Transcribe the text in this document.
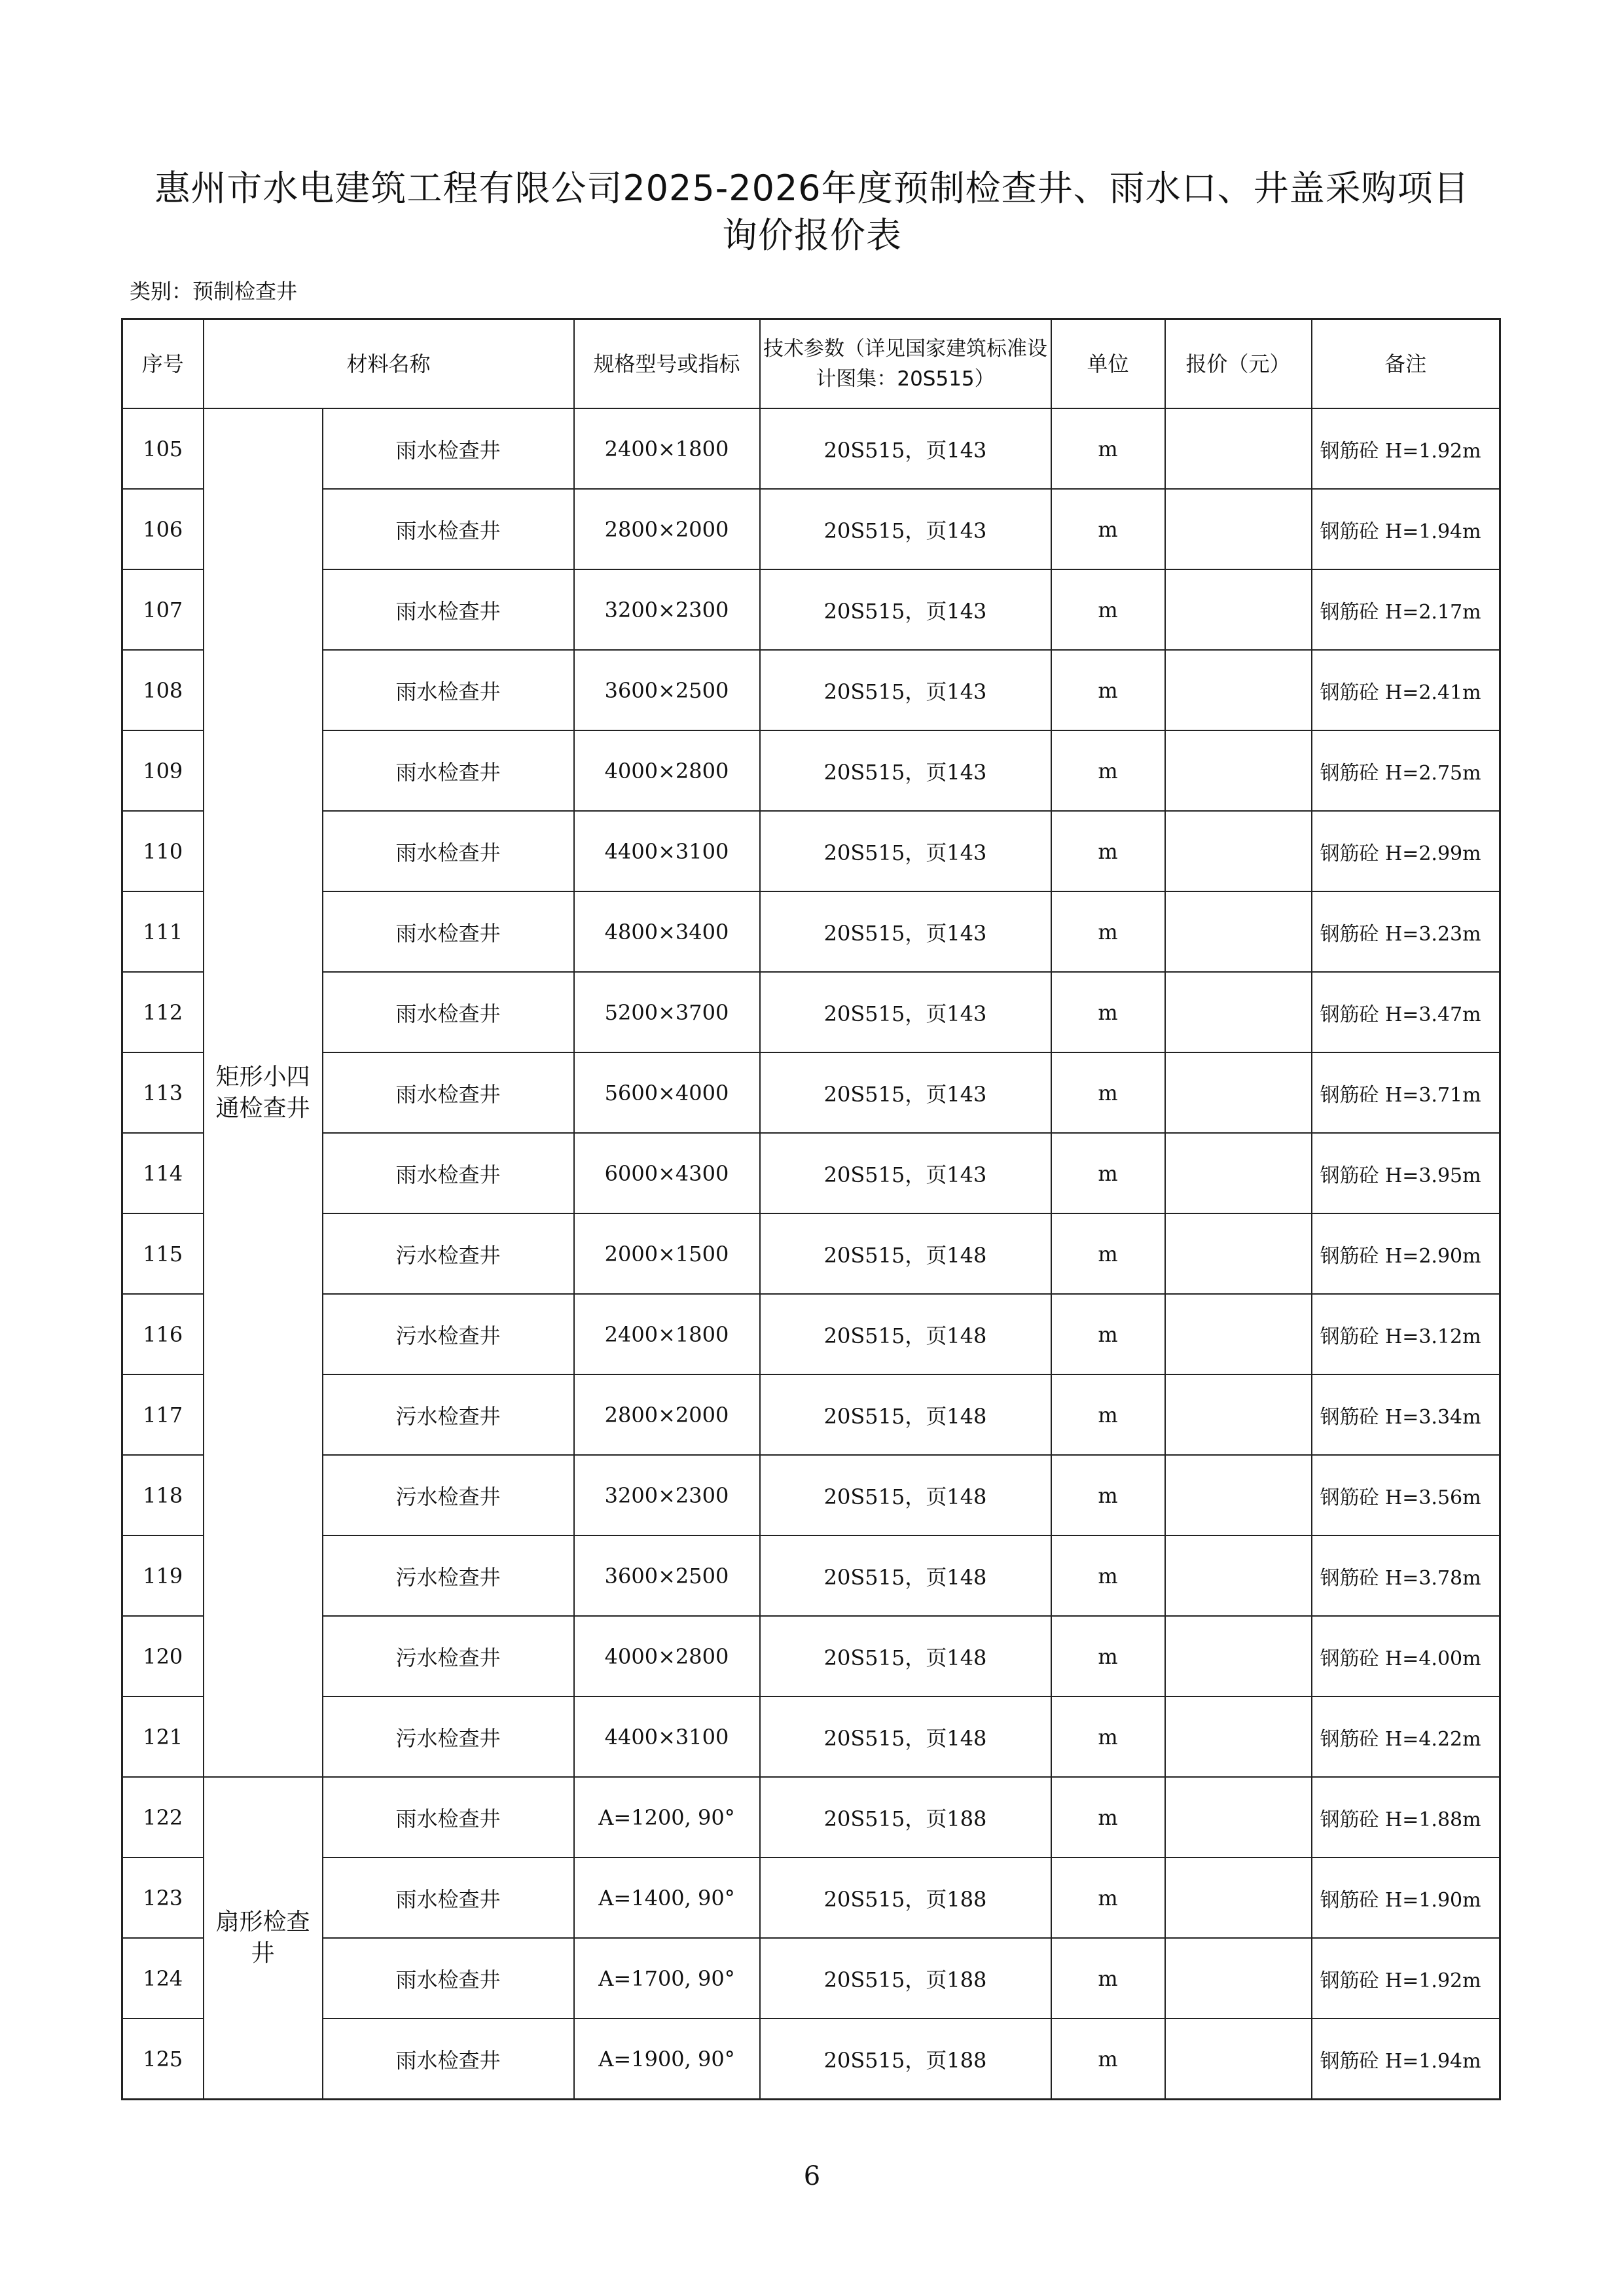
惠州市水电建筑工程有限公司2025-2026年度预制检查井、雨水口、井盖采购项目
询价报价表
类别：预制检查井
序号	材料名称		规格型号或指标	技术参数（详见国家建筑标准设计图集：20S515）	单位	报价（元）	备注
105	矩形小四通检查井	雨水检查井	2400×1800	20S515，页143	m		钢筋砼 H=1.92m
106		雨水检查井	2800×2000	20S515，页143	m		钢筋砼 H=1.94m
107		雨水检查井	3200×2300	20S515，页143	m		钢筋砼 H=2.17m
108		雨水检查井	3600×2500	20S515，页143	m		钢筋砼 H=2.41m
109		雨水检查井	4000×2800	20S515，页143	m		钢筋砼 H=2.75m
110		雨水检查井	4400×3100	20S515，页143	m		钢筋砼 H=2.99m
111		雨水检查井	4800×3400	20S515，页143	m		钢筋砼 H=3.23m
112		雨水检查井	5200×3700	20S515，页143	m		钢筋砼 H=3.47m
113		雨水检查井	5600×4000	20S515，页143	m		钢筋砼 H=3.71m
114		雨水检查井	6000×4300	20S515，页143	m		钢筋砼 H=3.95m
115		污水检查井	2000×1500	20S515，页148	m		钢筋砼 H=2.90m
116		污水检查井	2400×1800	20S515，页148	m		钢筋砼 H=3.12m
117		污水检查井	2800×2000	20S515，页148	m		钢筋砼 H=3.34m
118		污水检查井	3200×2300	20S515，页148	m		钢筋砼 H=3.56m
119		污水检查井	3600×2500	20S515，页148	m		钢筋砼 H=3.78m
120		污水检查井	4000×2800	20S515，页148	m		钢筋砼 H=4.00m
121		污水检查井	4400×3100	20S515，页148	m		钢筋砼 H=4.22m
122	扇形检查井	雨水检查井	A=1200, 90°	20S515，页188	m		钢筋砼 H=1.88m
123		雨水检查井	A=1400, 90°	20S515，页188	m		钢筋砼 H=1.90m
124		雨水检查井	A=1700, 90°	20S515，页188	m		钢筋砼 H=1.92m
125		雨水检查井	A=1900, 90°	20S515，页188	m		钢筋砼 H=1.94m
6
